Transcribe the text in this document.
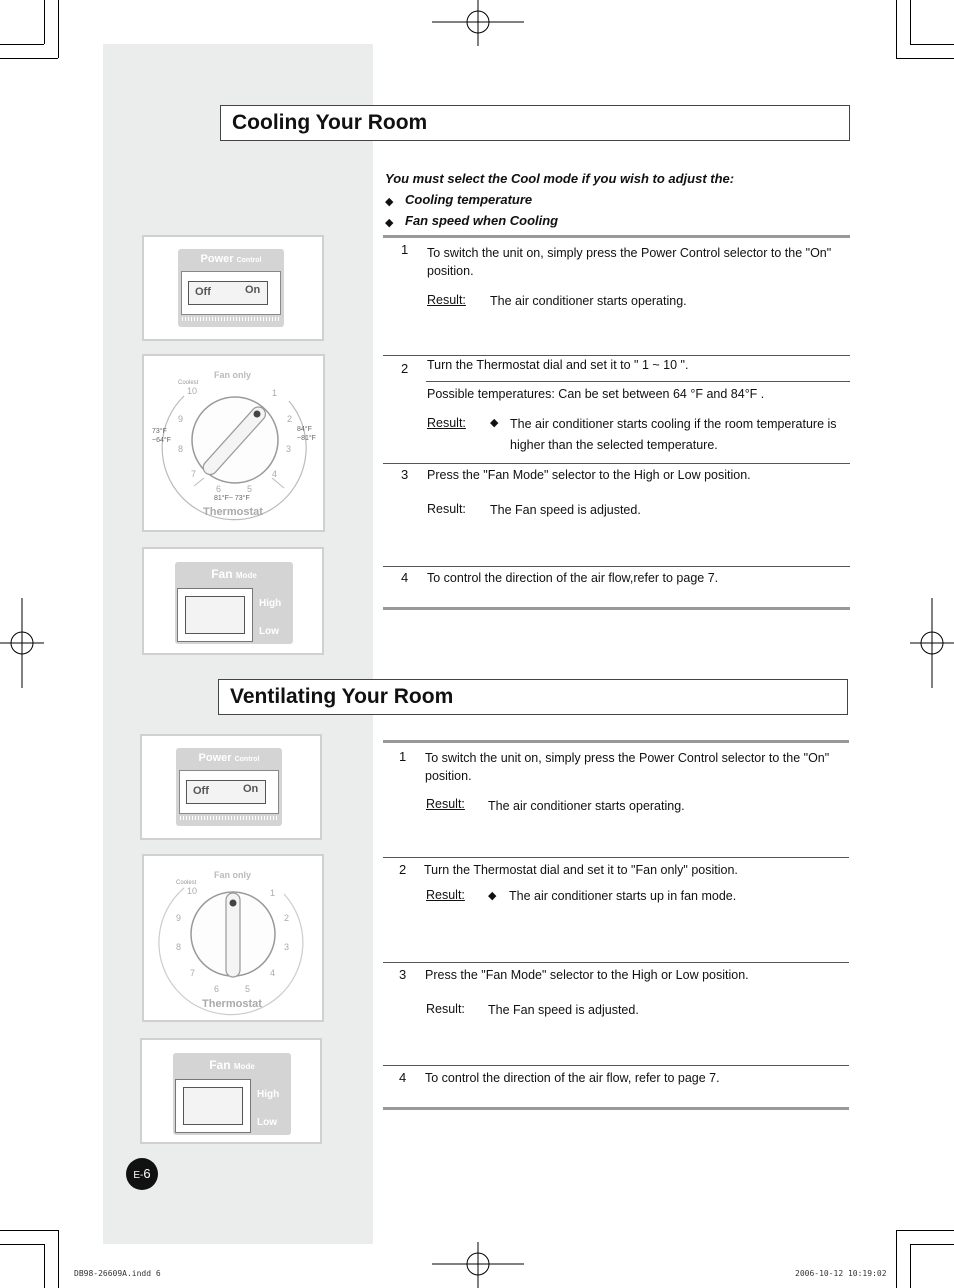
Cooling Your Room
You must select the Cool mode if you wish to adjust the:
◆ Cooling temperature
◆ Fan speed when Cooling
1 To switch the unit on, simply press the Power Control selector to the "On" position.
Result: The air conditioner starts operating.
2 Turn the Thermostat dial and set it to " 1 ~ 10 ".
Possible temperatures: Can be set between 64 °F and 84°F .
Result: ◆ The air conditioner starts cooling if the room temperature is higher than the selected temperature.
3 Press the "Fan Mode" selector to the High or Low position.
Result: The Fan speed is adjusted.
4 To control the direction of the air flow,refer to page 7.
Power Control
Off	On
Fan only
Coolest
10	1
2
3
4
5
6
7
8
9
73°F ~64°F
84°F ~81°F
81°F~ 73°F
Thermostat
Fan Mode
High
Low
Ventilating Your Room
1 To switch the unit on, simply press the Power Control selector to the "On" position.
Result: The air conditioner starts operating.
2 Turn the Thermostat dial and set it to "Fan only" position.
Result: ◆ The air conditioner starts up in fan mode.
3 Press the "Fan Mode" selector to the High or Low position.
Result: The Fan speed is adjusted.
4 To control the direction of the air flow, refer to page 7.
Power Control
Off	On
Fan only
Coolest
10	1
2
3
4
5
6
7
8
9
Thermostat
Fan Mode
High
Low
E-6
DB98-26609A.indd 6	2006-10-12 10:19:02
